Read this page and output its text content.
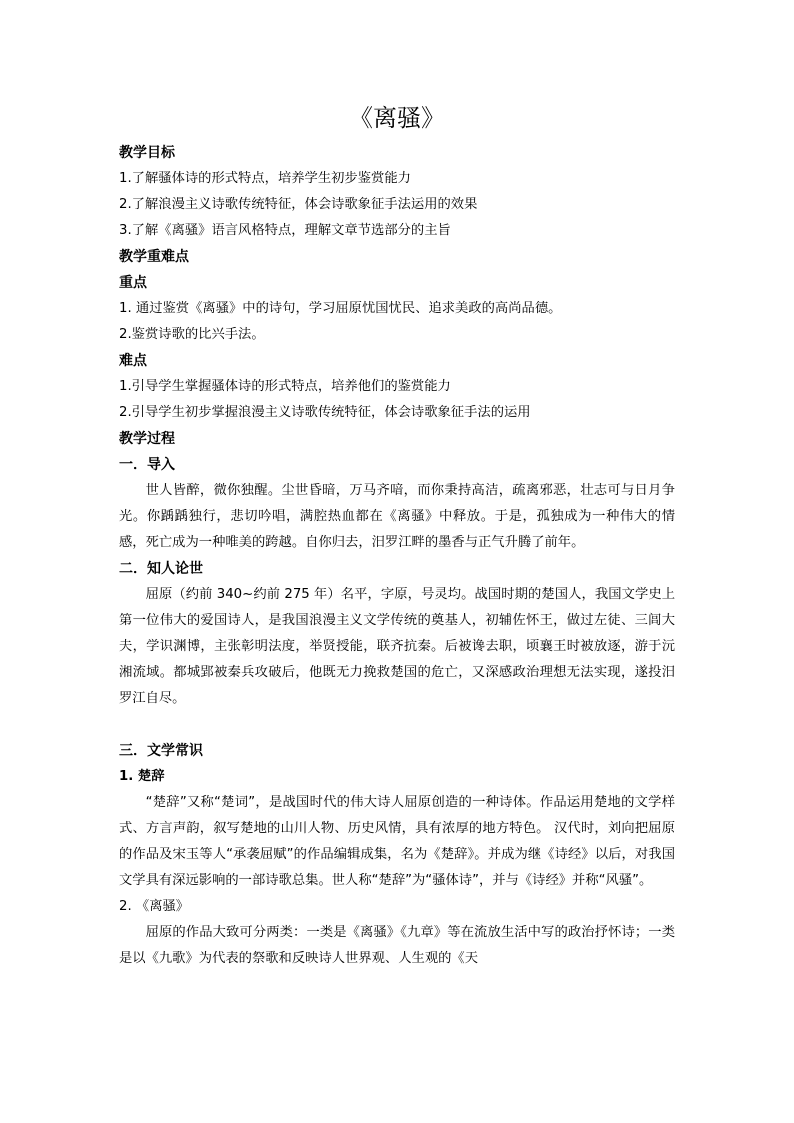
《离骚》

教学目标

1.了解骚体诗的形式特点，培养学生初步鉴赏能力

2.了解浪漫主义诗歌传统特征，体会诗歌象征手法运用的效果

3.了解《离骚》语言风格特点，理解文章节选部分的主旨

教学重难点

重点

1. 通过鉴赏《离骚》中的诗句，学习屈原忧国忧民、追求美政的高尚品德。

2.鉴赏诗歌的比兴手法。

难点

1.引导学生掌握骚体诗的形式特点，培养他们的鉴赏能力

2.引导学生初步掌握浪漫主义诗歌传统特征，体会诗歌象征手法的运用

教学过程

一．导入

世人皆醉，微你独醒。尘世昏暗，万马齐喑，而你秉持高洁，疏离邪恶，壮志可与日月争光。你踽踽独行，悲切吟唱，满腔热血都在《离骚》中释放。于是，孤独成为一种伟大的情感，死亡成为一种唯美的跨越。自你归去，汨罗江畔的墨香与正气升腾了前年。

二．知人论世

屈原（约前 340~约前 275 年）名平，字原，号灵均。战国时期的楚国人，我国文学史上第一位伟大的爱国诗人，是我国浪漫主义文学传统的奠基人，初辅佐怀王，做过左徒、三闾大夫，学识渊博，主张彰明法度，举贤授能，联齐抗秦。后被谗去职，顷襄王时被放逐，游于沅湘流域。都城郢被秦兵攻破后，他既无力挽救楚国的危亡，又深感政治理想无法实现，遂投汨罗江自尽。

三．文学常识

1. 楚辞

“楚辞”又称“楚词”，是战国时代的伟大诗人屈原创造的一种诗体。作品运用楚地的文学样式、方言声韵，叙写楚地的山川人物、历史风情，具有浓厚的地方特色。 汉代时，刘向把屈原的作品及宋玉等人“承袭屈赋”的作品编辑成集，名为《楚辞》。并成为继《诗经》以后，对我国文学具有深远影响的一部诗歌总集。世人称“楚辞”为“骚体诗”，并与《诗经》并称“风骚”。

2. 《离骚》

屈原的作品大致可分两类：一类是《离骚》《九章》等在流放生活中写的政治抒怀诗；一类是以《九歌》为代表的祭歌和反映诗人世界观、人生观的《天
